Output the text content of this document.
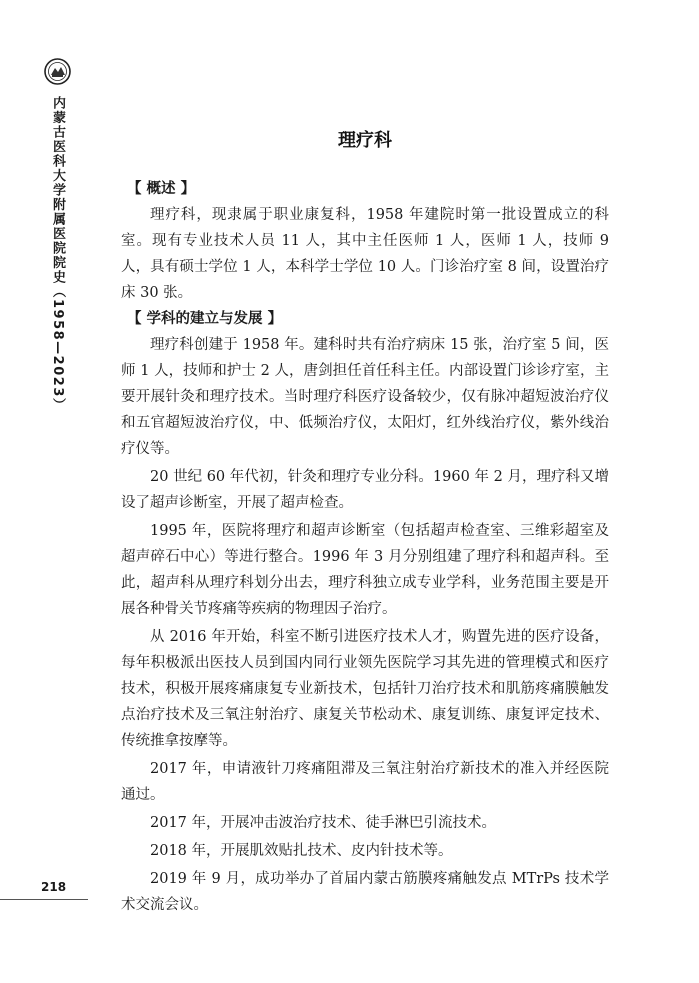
内蒙古医科大学附属医院院史（1958—2023）
218
理疗科
【 概述 】

理疗科，现隶属于职业康复科，1958 年建院时第一批设置成立的科室。现有专业技术人员 11 人，其中主任医师 1 人，医师 1 人，技师 9 人，具有硕士学位 1 人，本科学士学位 10 人。门诊治疗室 8 间，设置治疗床 30 张。

【 学科的建立与发展 】

理疗科创建于 1958 年。建科时共有治疗病床 15 张，治疗室 5 间，医师 1 人，技师和护士 2 人，唐剑担任首任科主任。内部设置门诊诊疗室，主要开展针灸和理疗技术。当时理疗科医疗设备较少，仅有脉冲超短波治疗仪和五官超短波治疗仪，中、低频治疗仪，太阳灯，红外线治疗仪，紫外线治疗仪等。

20 世纪 60 年代初，针灸和理疗专业分科。1960 年 2 月，理疗科又增设了超声诊断室，开展了超声检查。

1995 年，医院将理疗和超声诊断室（包括超声检查室、三维彩超室及超声碎石中心）等进行整合。1996 年 3 月分别组建了理疗科和超声科。至此，超声科从理疗科划分出去，理疗科独立成专业学科，业务范围主要是开展各种骨关节疼痛等疾病的物理因子治疗。

从 2016 年开始，科室不断引进医疗技术人才，购置先进的医疗设备，每年积极派出医技人员到国内同行业领先医院学习其先进的管理模式和医疗技术，积极开展疼痛康复专业新技术，包括针刀治疗技术和肌筋疼痛膜触发点治疗技术及三氧注射治疗、康复关节松动术、康复训练、康复评定技术、传统推拿按摩等。

2017 年，申请液针刀疼痛阻滞及三氧注射治疗新技术的准入并经医院通过。

2017 年，开展冲击波治疗技术、徒手淋巴引流技术。

2018 年，开展肌效贴扎技术、皮内针技术等。

2019 年 9 月，成功举办了首届内蒙古筋膜疼痛触发点 MTrPs 技术学术交流会议。
